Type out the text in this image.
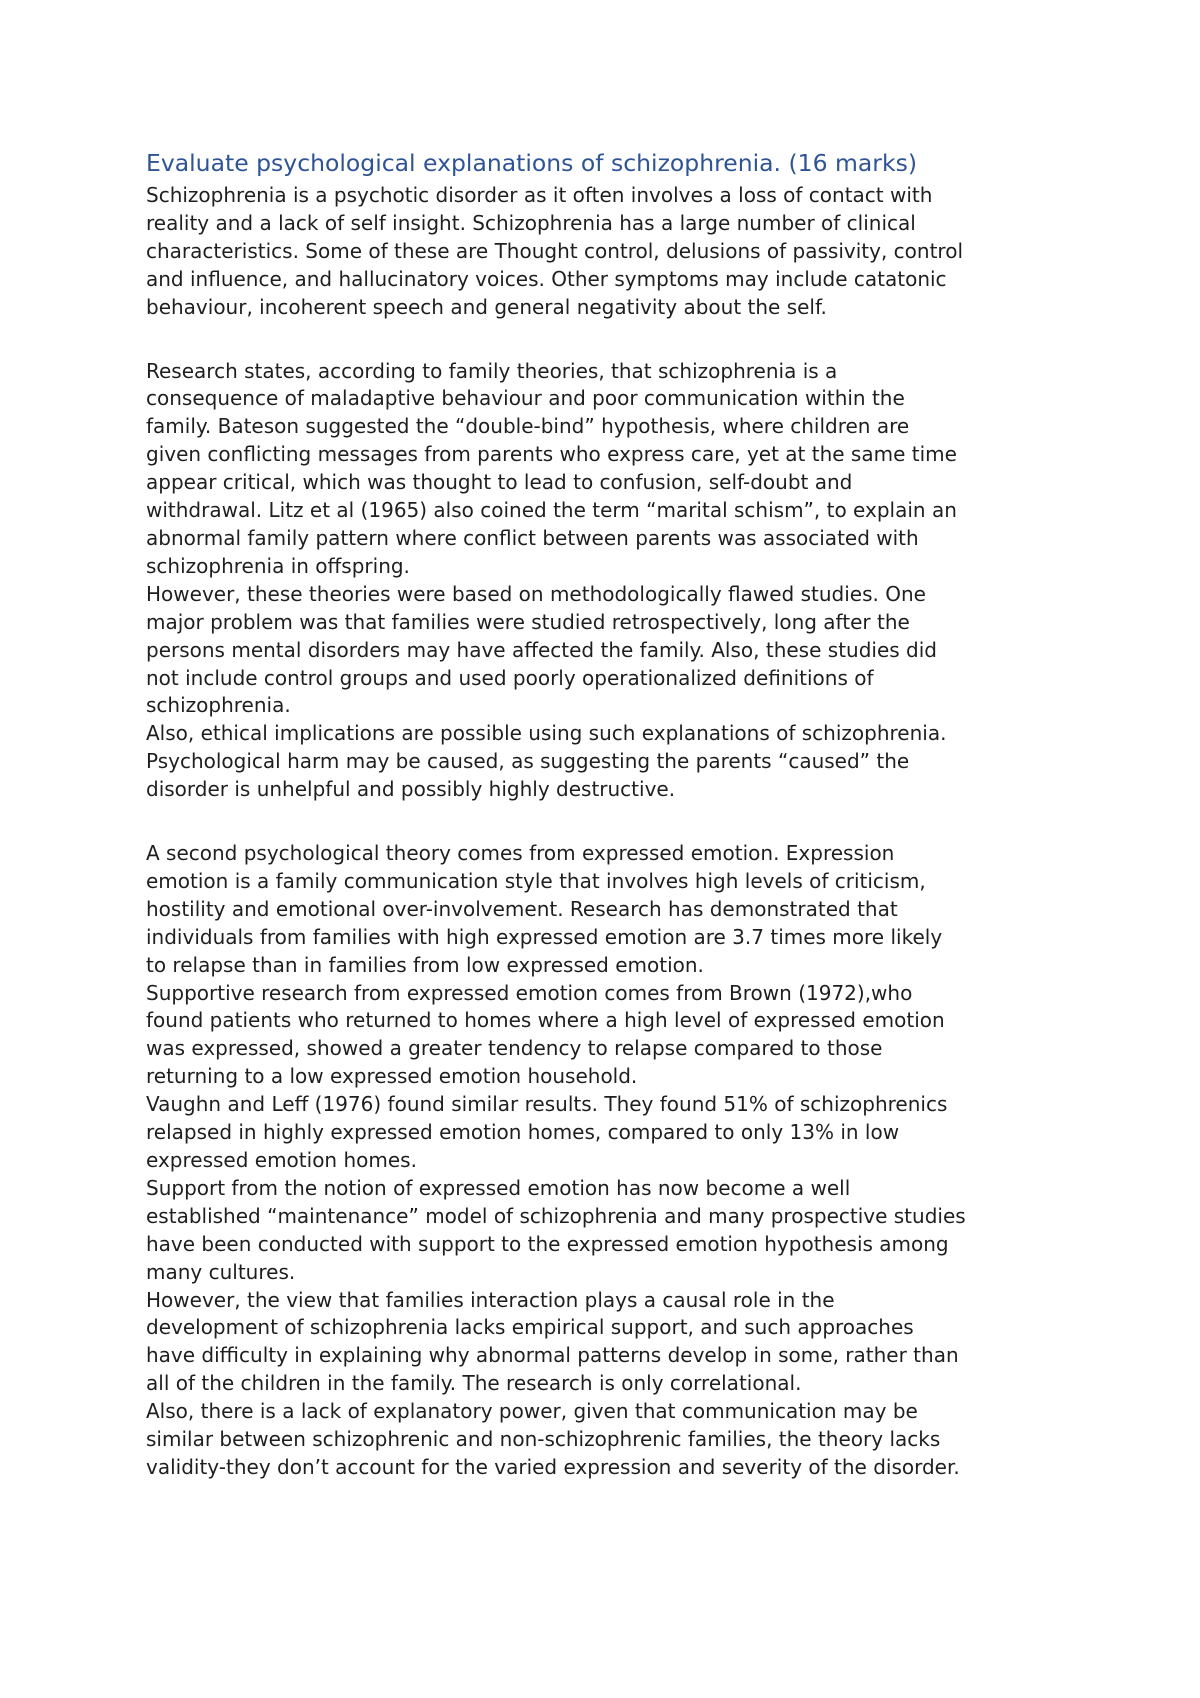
Evaluate psychological explanations of schizophrenia. (16 marks)

Schizophrenia is a psychotic disorder as it often involves a loss of contact with

reality and a lack of self insight. Schizophrenia has a large number of clinical

characteristics. Some of these are Thought control, delusions of passivity, control

and influence, and hallucinatory voices. Other symptoms may include catatonic

behaviour, incoherent speech and general negativity about the self.

Research states, according to family theories, that schizophrenia is a

consequence of maladaptive behaviour and poor communication within the

family. Bateson suggested the “double-bind” hypothesis, where children are

given conflicting messages from parents who express care, yet at the same time

appear critical, which was thought to lead to confusion, self-doubt and

withdrawal. Litz et al (1965) also coined the term “marital schism”, to explain an

abnormal family pattern where conflict between parents was associated with

schizophrenia in offspring.

However, these theories were based on methodologically flawed studies. One

major problem was that families were studied retrospectively, long after the

persons mental disorders may have affected the family. Also, these studies did

not include control groups and used poorly operationalized definitions of

schizophrenia.

Also, ethical implications are possible using such explanations of schizophrenia.

Psychological harm may be caused, as suggesting the parents “caused” the

disorder is unhelpful and possibly highly destructive.

A second psychological theory comes from expressed emotion. Expression

emotion is a family communication style that involves high levels of criticism,

hostility and emotional over-involvement. Research has demonstrated that

individuals from families with high expressed emotion are 3.7 times more likely

to relapse than in families from low expressed emotion.

Supportive research from expressed emotion comes from Brown (1972),who

found patients who returned to homes where a high level of expressed emotion

was expressed, showed a greater tendency to relapse compared to those

returning to a low expressed emotion household.

Vaughn and Leff (1976) found similar results. They found 51% of schizophrenics

relapsed in highly expressed emotion homes, compared to only 13% in low

expressed emotion homes.

Support from the notion of expressed emotion has now become a well

established “maintenance” model of schizophrenia and many prospective studies

have been conducted with support to the expressed emotion hypothesis among

many cultures.

However, the view that families interaction plays a causal role in the

development of schizophrenia lacks empirical support, and such approaches

have difficulty in explaining why abnormal patterns develop in some, rather than

all of the children in the family. The research is only correlational.

Also, there is a lack of explanatory power, given that communication may be

similar between schizophrenic and non-schizophrenic families, the theory lacks

validity-they don’t account for the varied expression and severity of the disorder.
